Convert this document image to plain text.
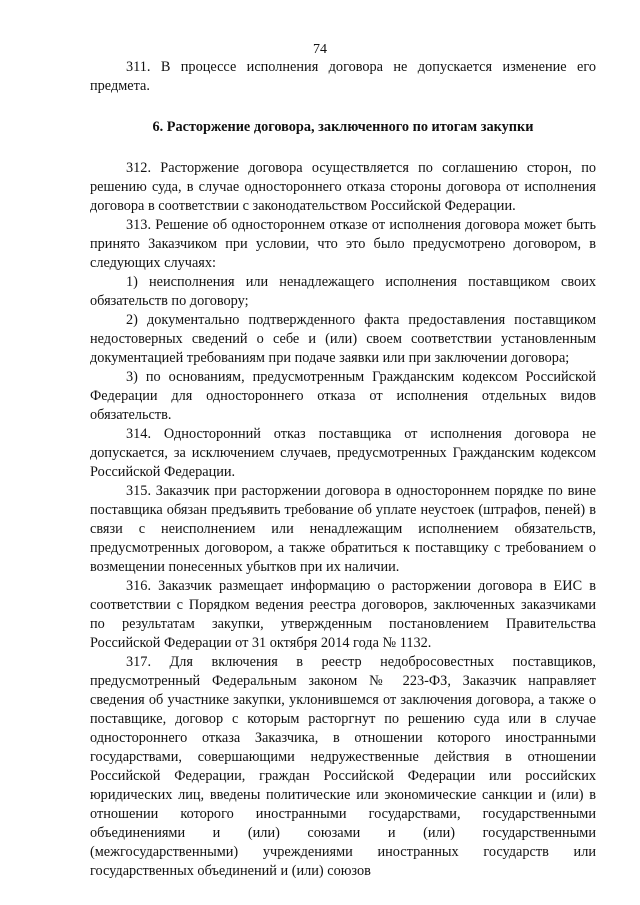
74

311. В процессе исполнения договора не допускается изменение его предмета.

6. Расторжение договора, заключенного по итогам закупки

312. Расторжение договора осуществляется по соглашению сторон, по решению суда, в случае одностороннего отказа стороны договора от исполнения договора в соответствии с законодательством Российской Федерации.

313. Решение об одностороннем отказе от исполнения договора может быть принято Заказчиком при условии, что это было предусмотрено договором, в следующих случаях:

1) неисполнения или ненадлежащего исполнения поставщиком своих обязательств по договору;

2) документально подтвержденного факта предоставления поставщиком недостоверных сведений о себе и (или) своем соответствии установленным документацией требованиям при подаче заявки или при заключении договора;

3) по основаниям, предусмотренным Гражданским кодексом Российской Федерации для одностороннего отказа от исполнения отдельных видов обязательств.

314. Односторонний отказ поставщика от исполнения договора не допускается, за исключением случаев, предусмотренных Гражданским кодексом Российской Федерации.

315. Заказчик при расторжении договора в одностороннем порядке по вине поставщика обязан предъявить требование об уплате неустоек (штрафов, пеней) в связи с неисполнением или ненадлежащим исполнением обязательств, предусмотренных договором, а также обратиться к поставщику с требованием о возмещении понесенных убытков при их наличии.

316. Заказчик размещает информацию о расторжении договора в ЕИС в соответствии с Порядком ведения реестра договоров, заключенных заказчиками по результатам закупки, утвержденным постановлением Правительства Российской Федерации от 31 октября 2014 года № 1132.

317. Для включения в реестр недобросовестных поставщиков, предусмотренный Федеральным законом № 223-ФЗ, Заказчик направляет сведения об участнике закупки, уклонившемся от заключения договора, а также о поставщике, договор с которым расторгнут по решению суда или в случае одностороннего отказа Заказчика, в отношении которого иностранными государствами, совершающими недружественные действия в отношении Российской Федерации, граждан Российской Федерации или российских юридических лиц, введены политические или экономические санкции и (или) в отношении которого иностранными государствами, государственными объединениями и (или) союзами и (или) государственными (межгосударственными) учреждениями иностранных государств или государственных объединений и (или) союзов
